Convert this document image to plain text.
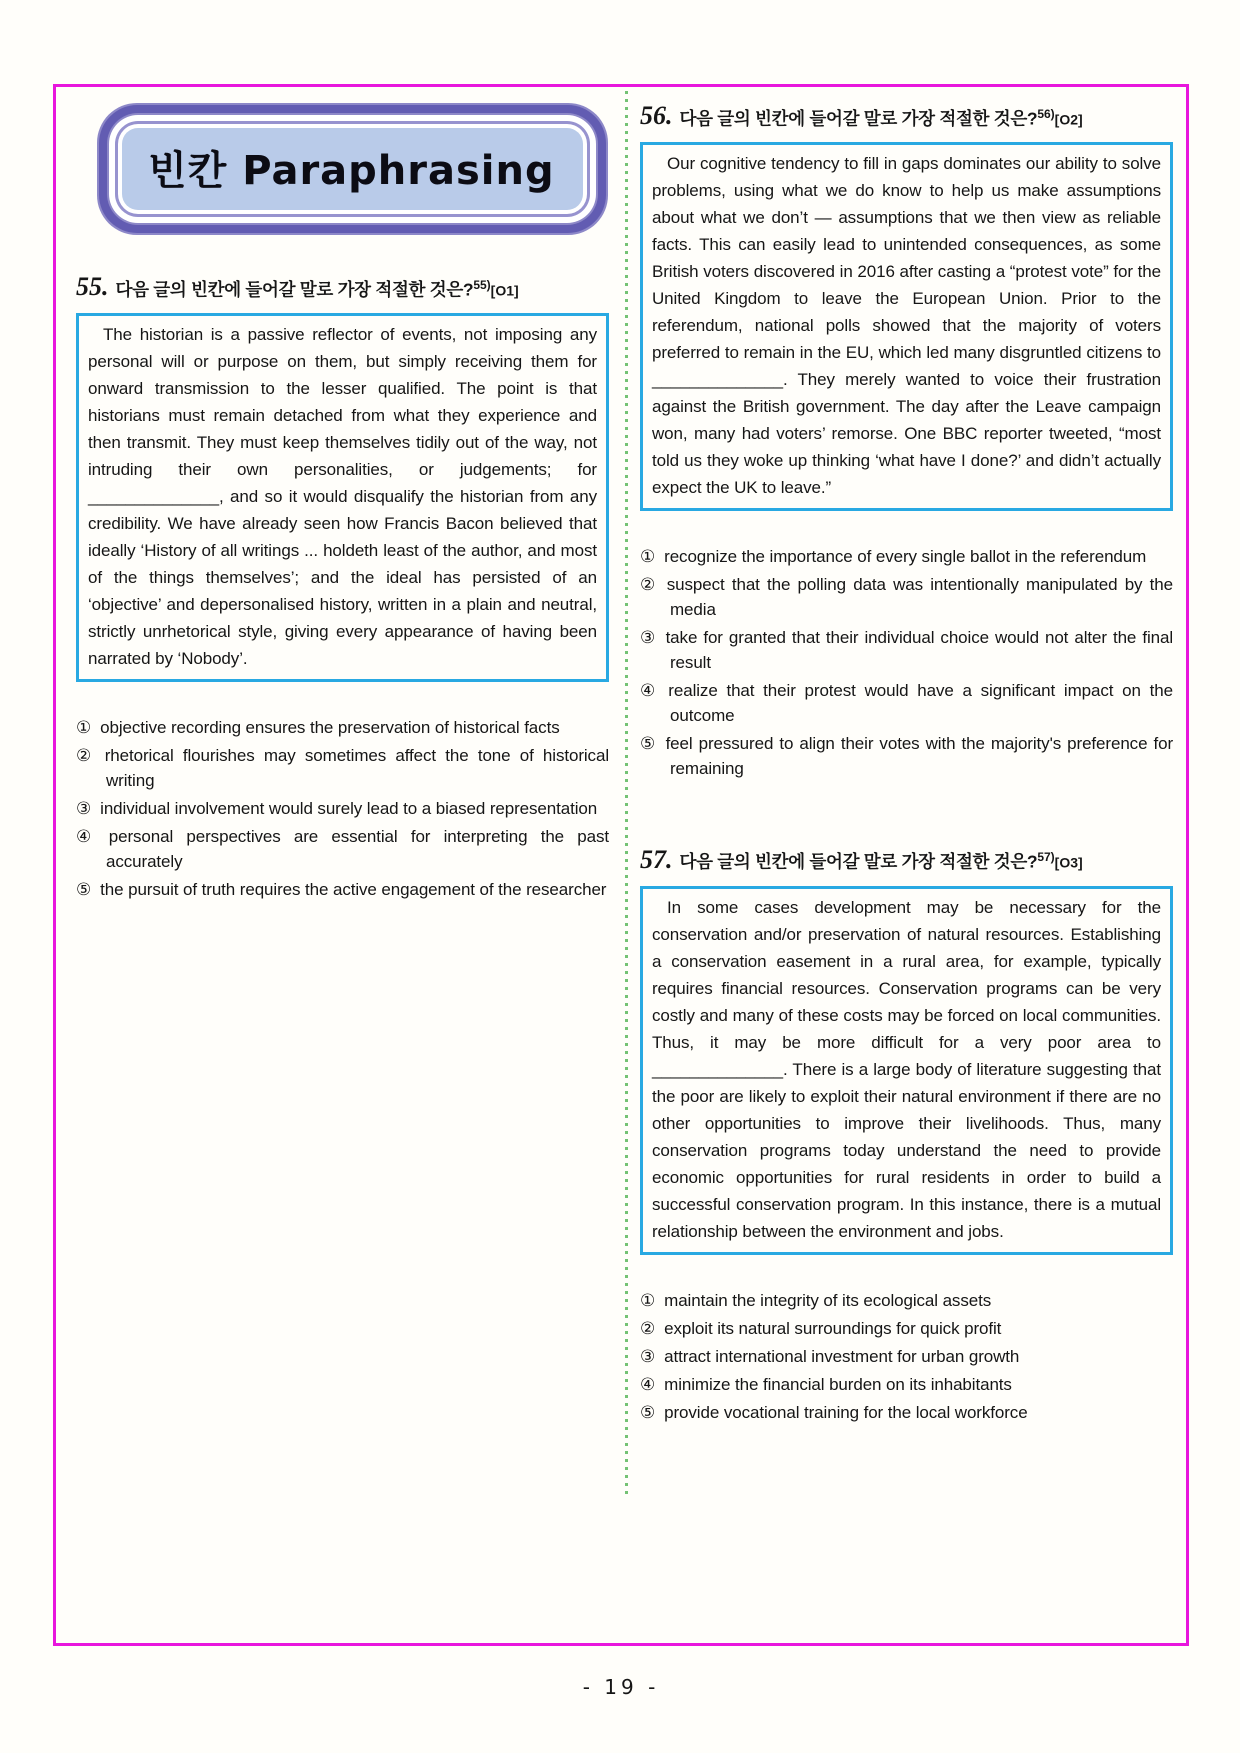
빈칸 Paraphrasing
55. 다음 글의 빈칸에 들어갈 말로 가장 적절한 것은?$^{55)}$[O1]

The historian is a passive reflector of events, not imposing any personal will or purpose on them, but simply receiving them for onward transmission to the lesser qualified. The point is that historians must remain detached from what they experience and then transmit. They must keep themselves tidily out of the way, not intruding their own personalities, or judgements; for ______________, and so it would disqualify the historian from any credibility. We have already seen how Francis Bacon believed that ideally ‘History of all writings ... holdeth least of the author, and most of the things themselves’; and the ideal has persisted of an ‘objective’ and depersonalised history, written in a plain and neutral, strictly unrhetorical style, giving every appearance of having been narrated by ‘Nobody’.

① objective recording ensures the preservation of historical facts

② rhetorical flourishes may sometimes affect the tone of historical writing

③ individual involvement would surely lead to a biased representation

④ personal perspectives are essential for interpreting the past accurately

⑤ the pursuit of truth requires the active engagement of the researcher

56. 다음 글의 빈칸에 들어갈 말로 가장 적절한 것은?$^{56)}$[O2]

Our cognitive tendency to fill in gaps dominates our ability to solve problems, using what we do know to help us make assumptions about what we don’t — assumptions that we then view as reliable facts. This can easily lead to unintended consequences, as some British voters discovered in 2016 after casting a “protest vote” for the United Kingdom to leave the European Union. Prior to the referendum, national polls showed that the majority of voters preferred to remain in the EU, which led many disgruntled citizens to ______________. They merely wanted to voice their frustration against the British government. The day after the Leave campaign won, many had voters’ remorse. One BBC reporter tweeted, “most told us they woke up thinking ‘what have I done?’ and didn’t actually expect the UK to leave.”

① recognize the importance of every single ballot in the referendum

② suspect that the polling data was intentionally manipulated by the media

③ take for granted that their individual choice would not alter the final result

④ realize that their protest would have a significant impact on the outcome

⑤ feel pressured to align their votes with the majority's preference for remaining

57. 다음 글의 빈칸에 들어갈 말로 가장 적절한 것은?$^{57)}$[O3]

In some cases development may be necessary for the conservation and/or preservation of natural resources. Establishing a conservation easement in a rural area, for example, typically requires financial resources. Conservation programs can be very costly and many of these costs may be forced on local communities. Thus, it may be more difficult for a very poor area to ______________. There is a large body of literature suggesting that the poor are likely to exploit their natural environment if there are no other opportunities to improve their livelihoods. Thus, many conservation programs today understand the need to provide economic opportunities for rural residents in order to build a successful conservation program. In this instance, there is a mutual relationship between the environment and jobs.

① maintain the integrity of its ecological assets

② exploit its natural surroundings for quick profit

③ attract international investment for urban growth

④ minimize the financial burden on its inhabitants

⑤ provide vocational training for the local workforce

- 19 -
